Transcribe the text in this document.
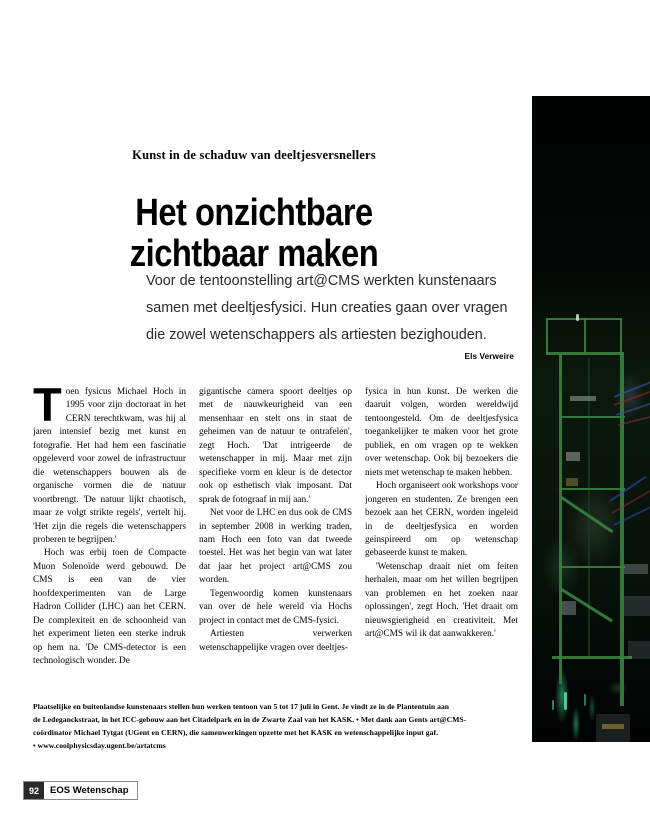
Kunst in de schaduw van deeltjesversnellers
Het onzichtbare
zichtbaar maken
Voor de tentoonstelling art@CMS werkten kunstenaars samen met deeltjesfysici. Hun creaties gaan over vragen die zowel wetenschappers als artiesten bezighouden.
Els Verweire

Toen fysicus Michael Hoch in 1995 voor zijn doctoraat in het CERN terechtkwam, was hij al jaren intensief bezig met kunst en fotografie. Het had hem een fascinatie opgeleverd voor zowel de infrastructuur die wetenschappers bouwen als de organische vormen die de natuur voortbrengt. 'De natuur lijkt chaotisch, maar ze volgt strikte regels', vertelt hij. 'Het zijn die regels die wetenschappers proberen te begrijpen.'

Hoch was erbij toen de Compacte Muon Solenoïde werd gebouwd. De CMS is een van de vier hoofdexperimenten van de Large Hadron Collider (LHC) aan het CERN. De complexiteit en de schoonheid van het experiment lieten een sterke indruk op hem na. 'De CMS-detector is een technologisch wonder. De

gigantische camera spoort deeltjes op met de nauwkeurigheid van een mensenhaar en stelt ons in staat de geheimen van de natuur te ontrafelen', zegt Hoch. 'Dat intrigeerde de wetenschapper in mij. Maar met zijn specifieke vorm en kleur is de detector ook op esthetisch vlak imposant. Dat sprak de fotograaf in mij aan.'

Net voor de LHC en dus ook de CMS in september 2008 in werking traden, nam Hoch een foto van dat tweede toestel. Het was het begin van wat later dat jaar het project art@CMS zou worden.

Tegenwoordig komen kunstenaars van over de hele wereld via Hochs project in contact met de CMS-fysici.

Artiesten verwerken wetenschappelijke vragen over deeltjes-

fysica in hun kunst. De werken die daaruit volgen, worden wereldwijd tentoongesteld. Om de deeltjesfysica toegankelijker te maken voor het grote publiek, en om vragen op te wekken over wetenschap. Ook bij bezoekers die niets met wetenschap te maken hebben.

Hoch organiseert ook workshops voor jongeren en studenten. Ze brengen een bezoek aan het CERN, worden ingeleid in de deeltjesfysica en worden geïnspireerd om op wetenschap gebaseerde kunst te maken.

'Wetenschap draait niet om feiten herhalen, maar om het willen begrijpen van problemen en het zoeken naar oplossingen', zegt Hoch. 'Het draait om nieuwsgierigheid en creativiteit. Met art@CMS wil ik dat aanwakkeren.'

Plaatselijke en buitenlandse kunstenaars stellen hun werken tentoon van 5 tot 17 juli in Gent. Je vindt ze in de Plantentuin aan
de Ledeganckstraat, in het ICC-gebouw aan het Citadelpark en in de Zwarte Zaal van het KASK. • Met dank aan Gents art@CMS-
coördinator Michael Tytgat (UGent en CERN), die samenwerkingen opzette met het KASK en wetenschappelijke input gaf.
• www.coolphysicsday.ugent.be/artatcms
92	EOS Wetenschap
